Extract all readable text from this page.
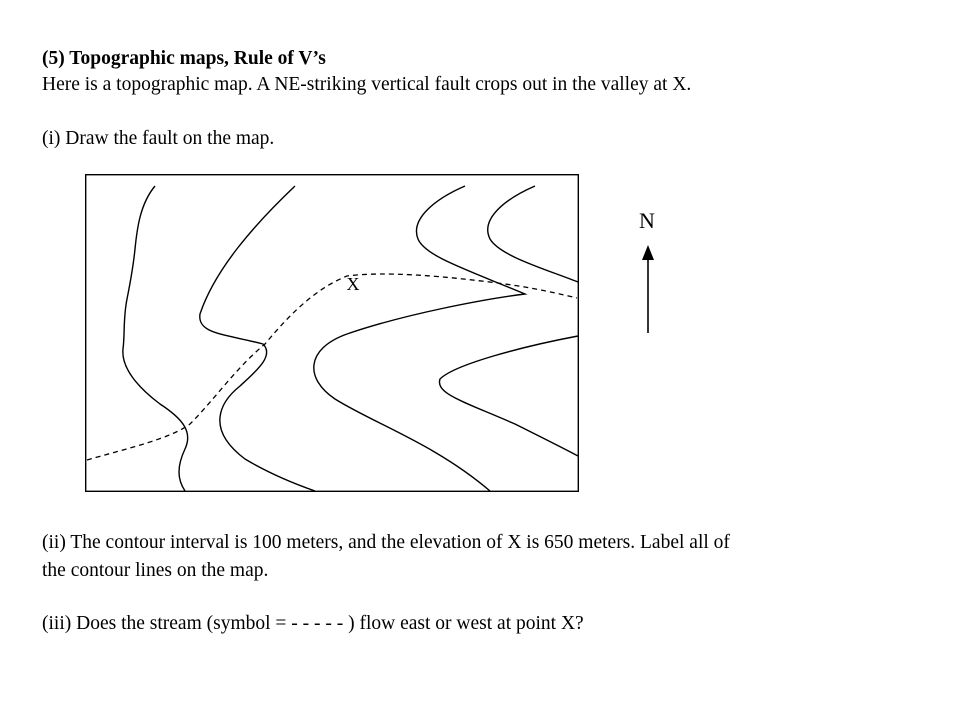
(5) Topographic maps, Rule of V’s
Here is a topographic map. A NE-striking vertical fault crops out in the valley at X.
(i) Draw the fault on the map.
X
N
(ii) The contour interval is 100 meters, and the elevation of X is 650 meters. Label all of
the contour lines on the map.
(iii) Does the stream (symbol = - - - - - ) flow east or west at point X?
